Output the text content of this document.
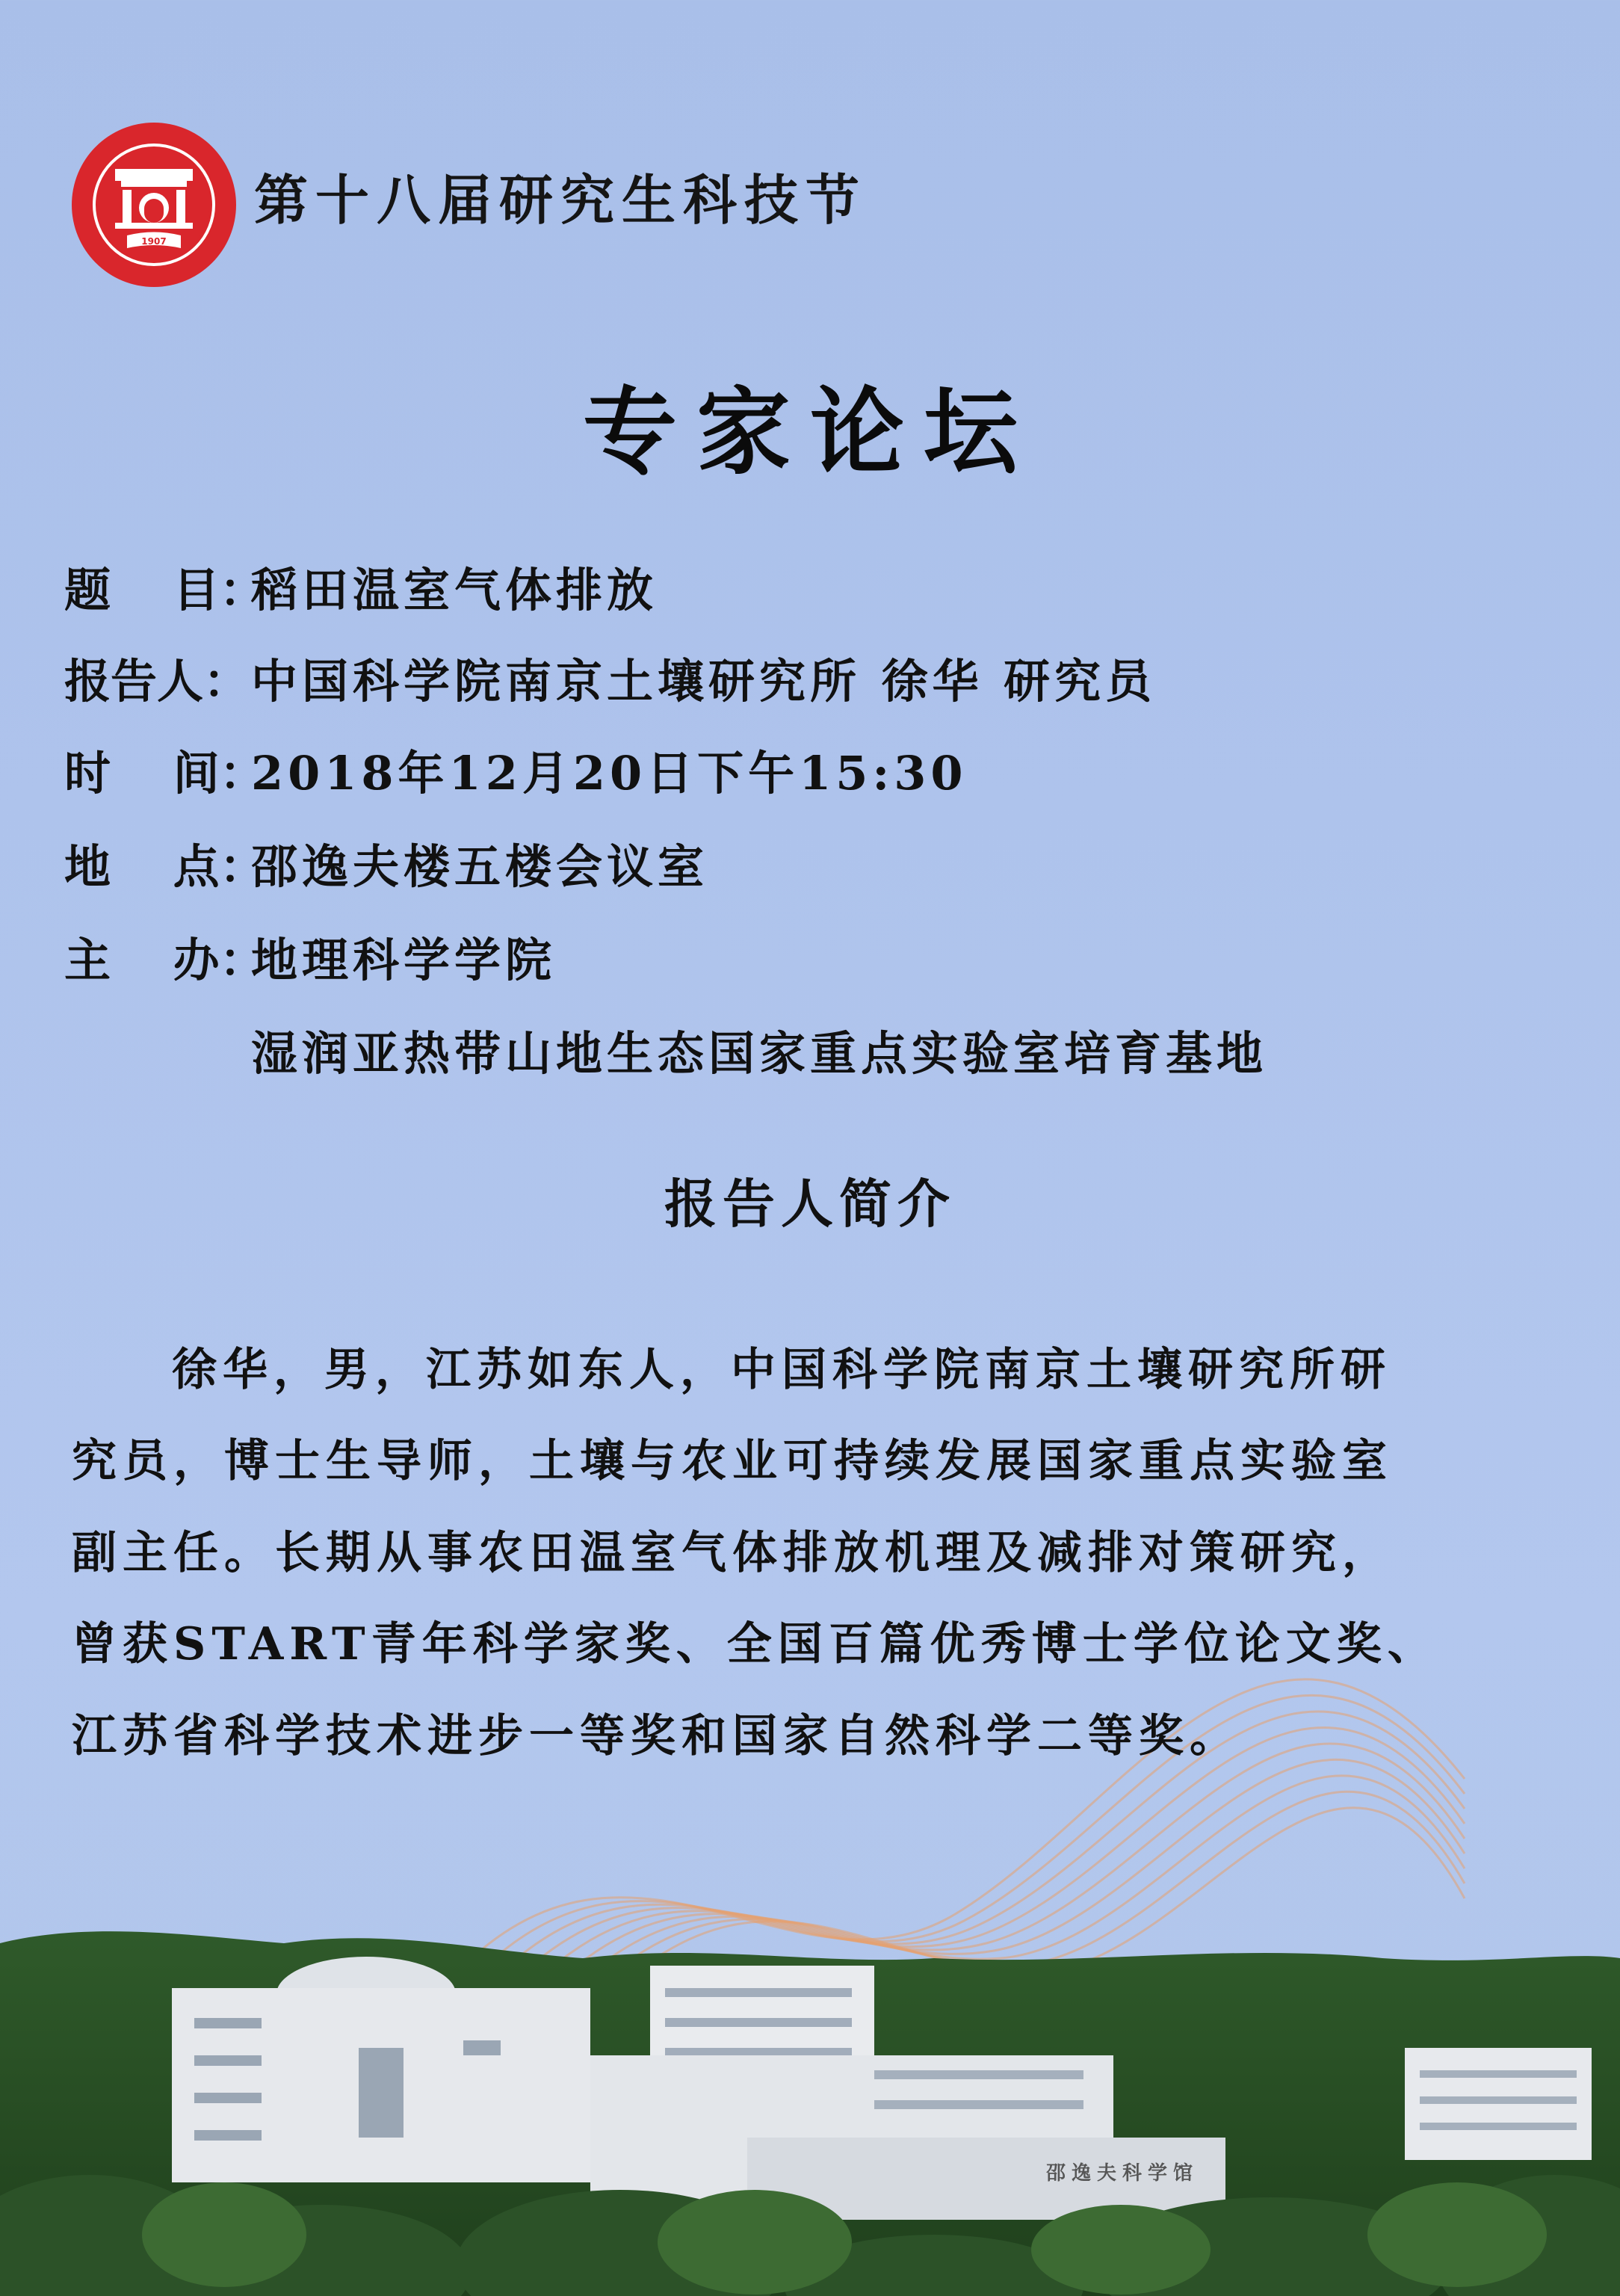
1907
第十八届研究生科技节
专家论坛
题　 目：稻田温室气体排放
报告人：中国科学院南京土壤研究所 徐华 研究员
时　 间：2018年12月20日下午15:30
地　 点：邵逸夫楼五楼会议室
主　 办：地理科学学院
湿润亚热带山地生态国家重点实验室培育基地
报告人简介
徐华，男，江苏如东人，中国科学院南京土壤研究所研
究员，博士生导师，土壤与农业可持续发展国家重点实验室
副主任。长期从事农田温室气体排放机理及减排对策研究，
曾获START青年科学家奖、全国百篇优秀博士学位论文奖、
江苏省科学技术进步一等奖和国家自然科学二等奖。
邵逸夫科学馆
